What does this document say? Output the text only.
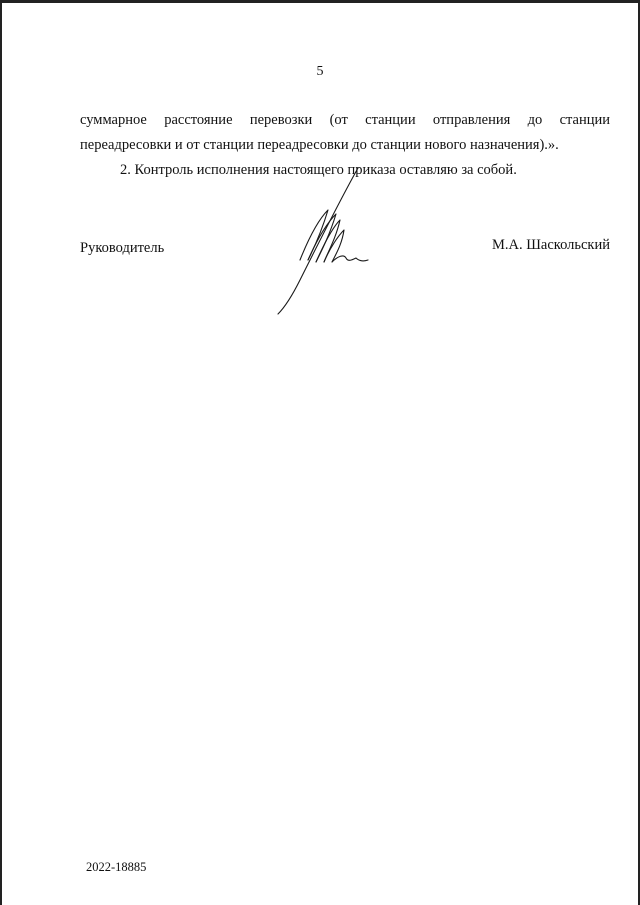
5
суммарное расстояние перевозки (от станции отправления до станции
переадресовки и от станции переадресовки до станции нового назначения).».
2. Контроль исполнения настоящего приказа оставляю за собой.
Руководитель	М.А. Шаскольский
2022-18885
